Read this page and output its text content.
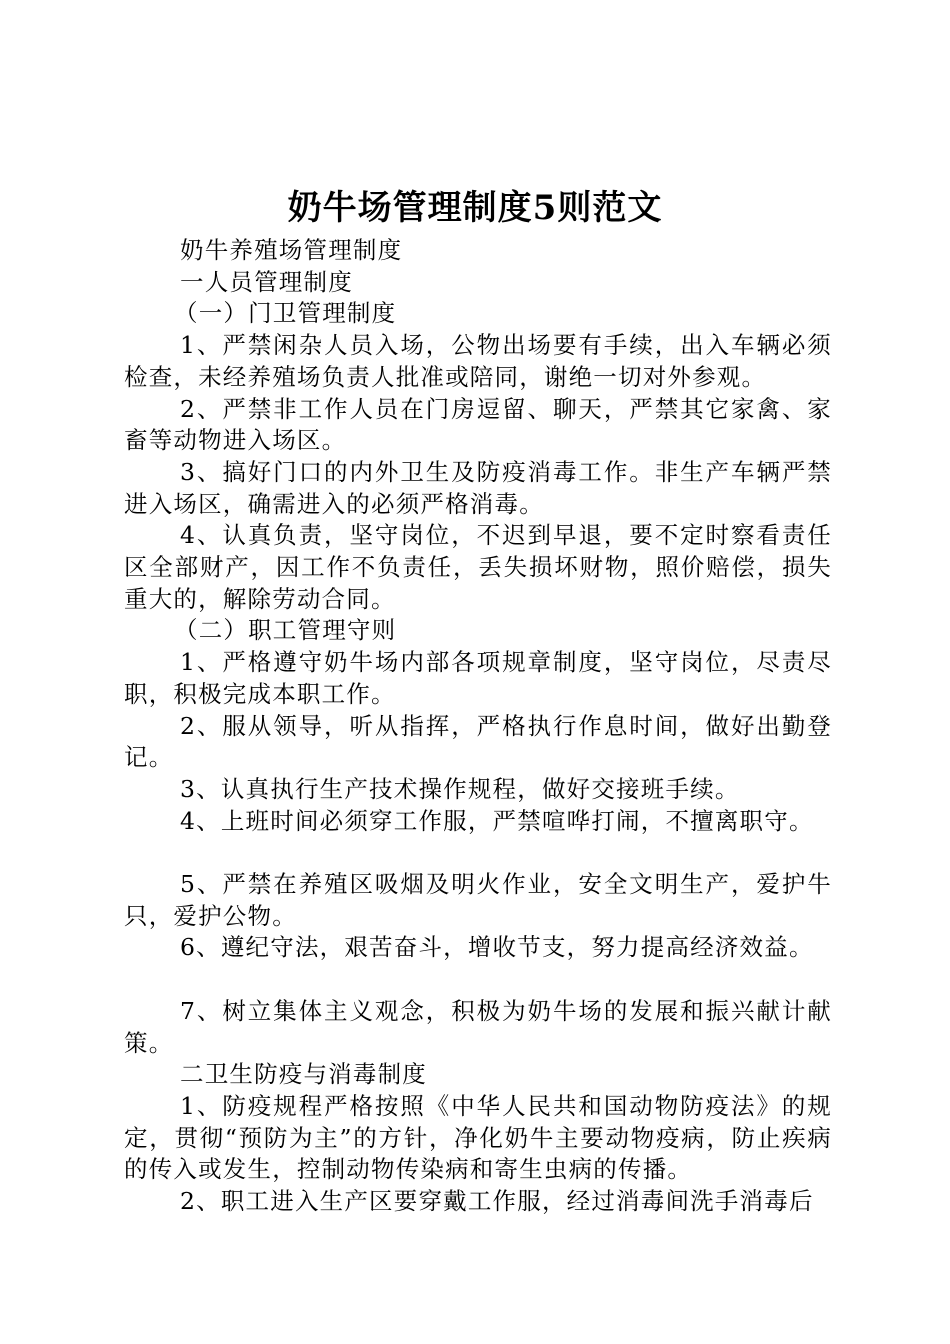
奶牛场管理制度5则范文

奶牛养殖场管理制度

一人员管理制度

（一）门卫管理制度

1、严禁闲杂人员入场，公物出场要有手续，出入车辆必须检查，未经养殖场负责人批准或陪同，谢绝一切对外参观。

2、严禁非工作人员在门房逗留、聊天，严禁其它家禽、家畜等动物进入场区。

3、搞好门口的内外卫生及防疫消毒工作。非生产车辆严禁进入场区，确需进入的必须严格消毒。

4、认真负责，坚守岗位，不迟到早退，要不定时察看责任区全部财产，因工作不负责任，丢失损坏财物，照价赔偿，损失重大的，解除劳动合同。

（二）职工管理守则

1、严格遵守奶牛场内部各项规章制度，坚守岗位，尽责尽职，积极完成本职工作。

2、服从领导，听从指挥，严格执行作息时间，做好出勤登记。

3、认真执行生产技术操作规程，做好交接班手续。

4、上班时间必须穿工作服，严禁喧哗打闹，不擅离职守。

5、严禁在养殖区吸烟及明火作业，安全文明生产，爱护牛只，爱护公物。

6、遵纪守法，艰苦奋斗，增收节支，努力提高经济效益。

7、树立集体主义观念，积极为奶牛场的发展和振兴献计献策。

二卫生防疫与消毒制度

1、防疫规程严格按照《中华人民共和国动物防疫法》的规定，贯彻“预防为主”的方针，净化奶牛主要动物疫病，防止疾病的传入或发生，控制动物传染病和寄生虫病的传播。

2、职工进入生产区要穿戴工作服，经过消毒间洗手消毒后
